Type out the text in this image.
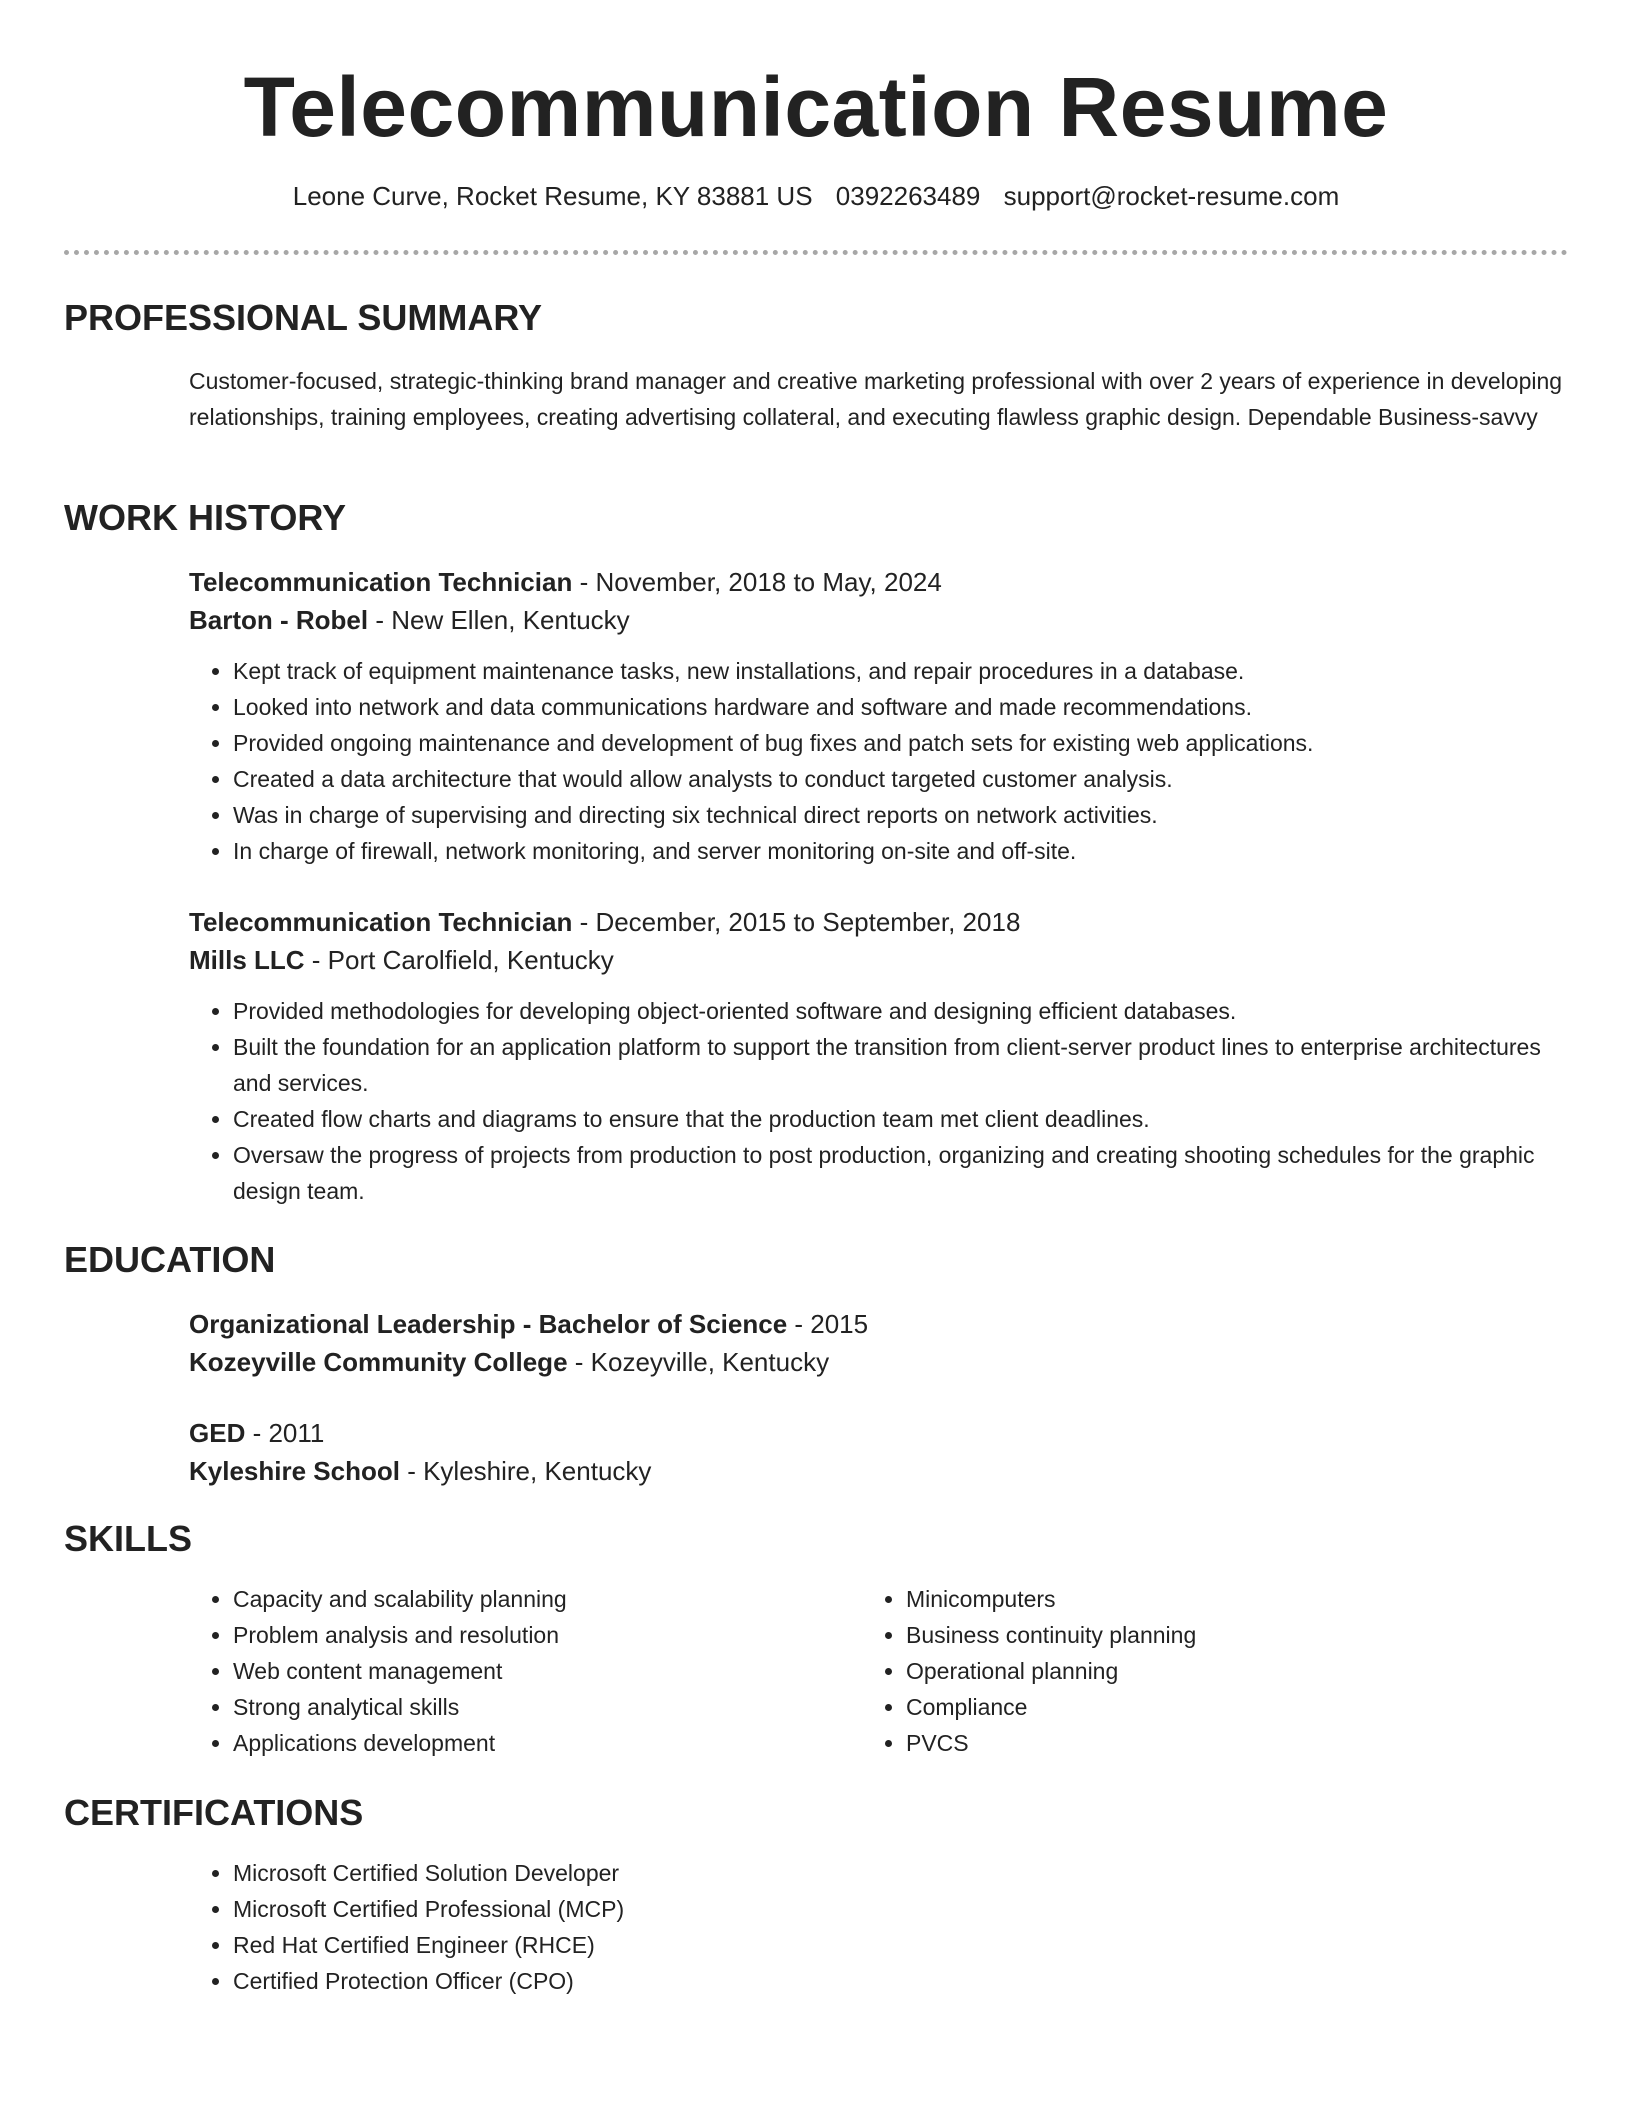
Telecommunication Resume
Leone Curve, Rocket Resume, KY 83881 US 0392263489 support@rocket-resume.com
PROFESSIONAL SUMMARY
Customer-focused, strategic-thinking brand manager and creative marketing professional with over 2 years of experience in developing relationships, training employees, creating advertising collateral, and executing flawless graphic design. Dependable Business-savvy
WORK HISTORY
Telecommunication Technician - November, 2018 to May, 2024
Barton - Robel - New Ellen, Kentucky
• Kept track of equipment maintenance tasks, new installations, and repair procedures in a database.
• Looked into network and data communications hardware and software and made recommendations.
• Provided ongoing maintenance and development of bug fixes and patch sets for existing web applications.
• Created a data architecture that would allow analysts to conduct targeted customer analysis.
• Was in charge of supervising and directing six technical direct reports on network activities.
• In charge of firewall, network monitoring, and server monitoring on-site and off-site.
Telecommunication Technician - December, 2015 to September, 2018
Mills LLC - Port Carolfield, Kentucky
• Provided methodologies for developing object-oriented software and designing efficient databases.
• Built the foundation for an application platform to support the transition from client-server product lines to enterprise architectures and services.
• Created flow charts and diagrams to ensure that the production team met client deadlines.
• Oversaw the progress of projects from production to post production, organizing and creating shooting schedules for the graphic design team.
EDUCATION
Organizational Leadership - Bachelor of Science - 2015
Kozeyville Community College - Kozeyville, Kentucky
GED - 2011
Kyleshire School - Kyleshire, Kentucky
SKILLS
• Capacity and scalability planning
• Problem analysis and resolution
• Web content management
• Strong analytical skills
• Applications development
• Minicomputers
• Business continuity planning
• Operational planning
• Compliance
• PVCS
CERTIFICATIONS
• Microsoft Certified Solution Developer
• Microsoft Certified Professional (MCP)
• Red Hat Certified Engineer (RHCE)
• Certified Protection Officer (CPO)
